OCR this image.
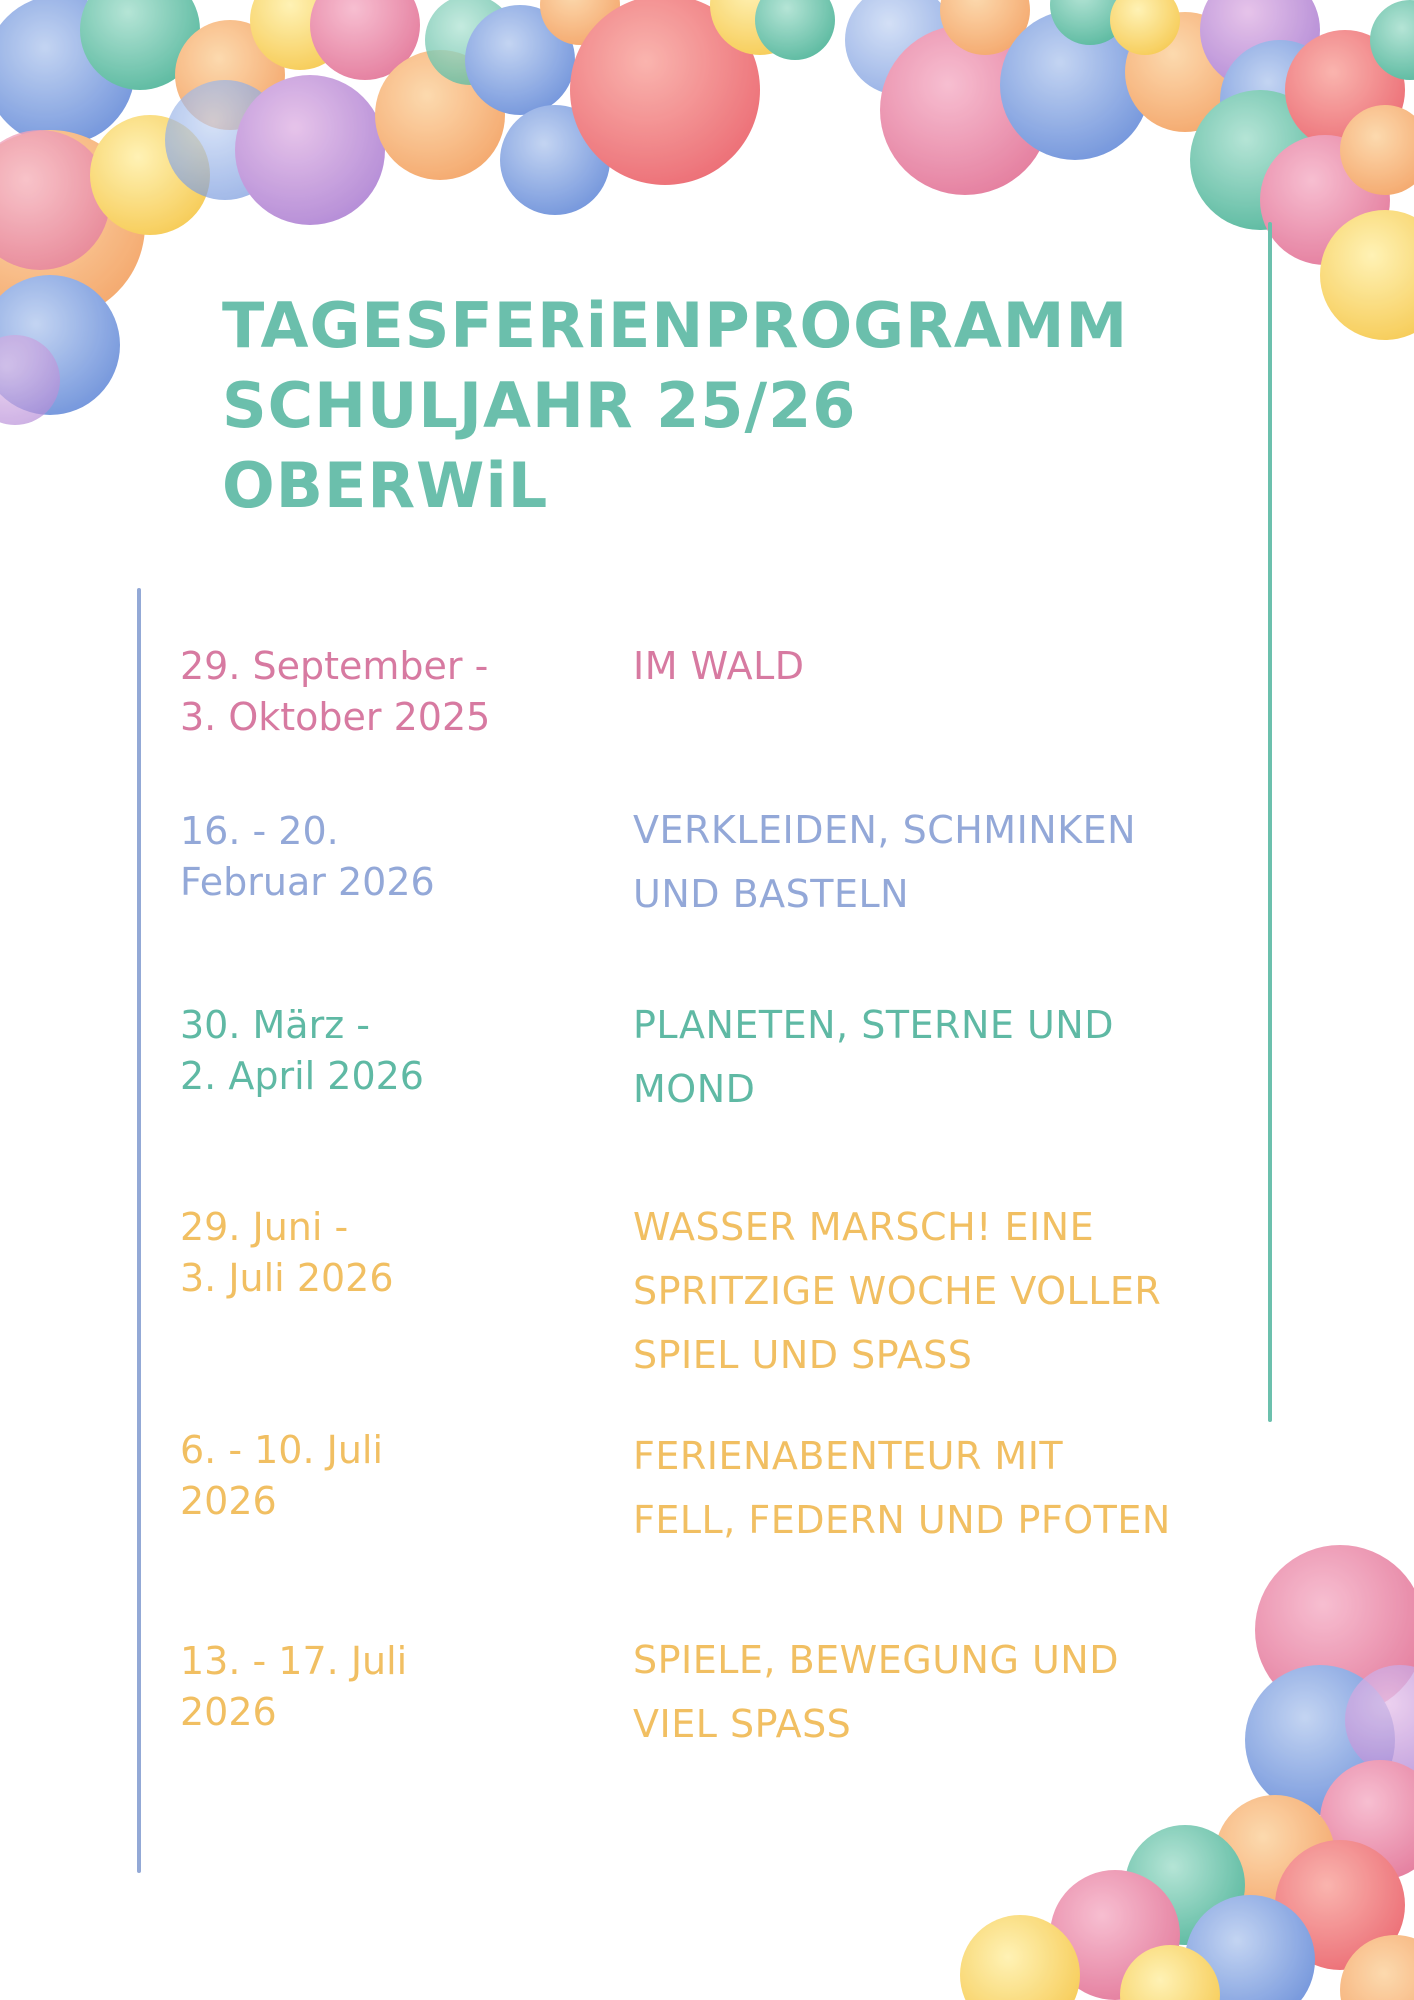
TAGESFERiENPROGRAMM
SCHULJAHR 25/26
OBERWiL
29. September -
3. Oktober 2025
IM WALD
16. - 20.
Februar 2026
VERKLEIDEN, SCHMINKEN
UND BASTELN
30. März -
2. April 2026
PLANETEN, STERNE UND
MOND
29. Juni -
3. Juli 2026
WASSER MARSCH! EINE
SPRITZIGE WOCHE VOLLER
SPIEL UND SPASS
6. - 10. Juli
2026
FERIENABENTEUR MIT
FELL, FEDERN UND PFOTEN
13. - 17. Juli
2026
SPIELE, BEWEGUNG UND
VIEL SPASS
